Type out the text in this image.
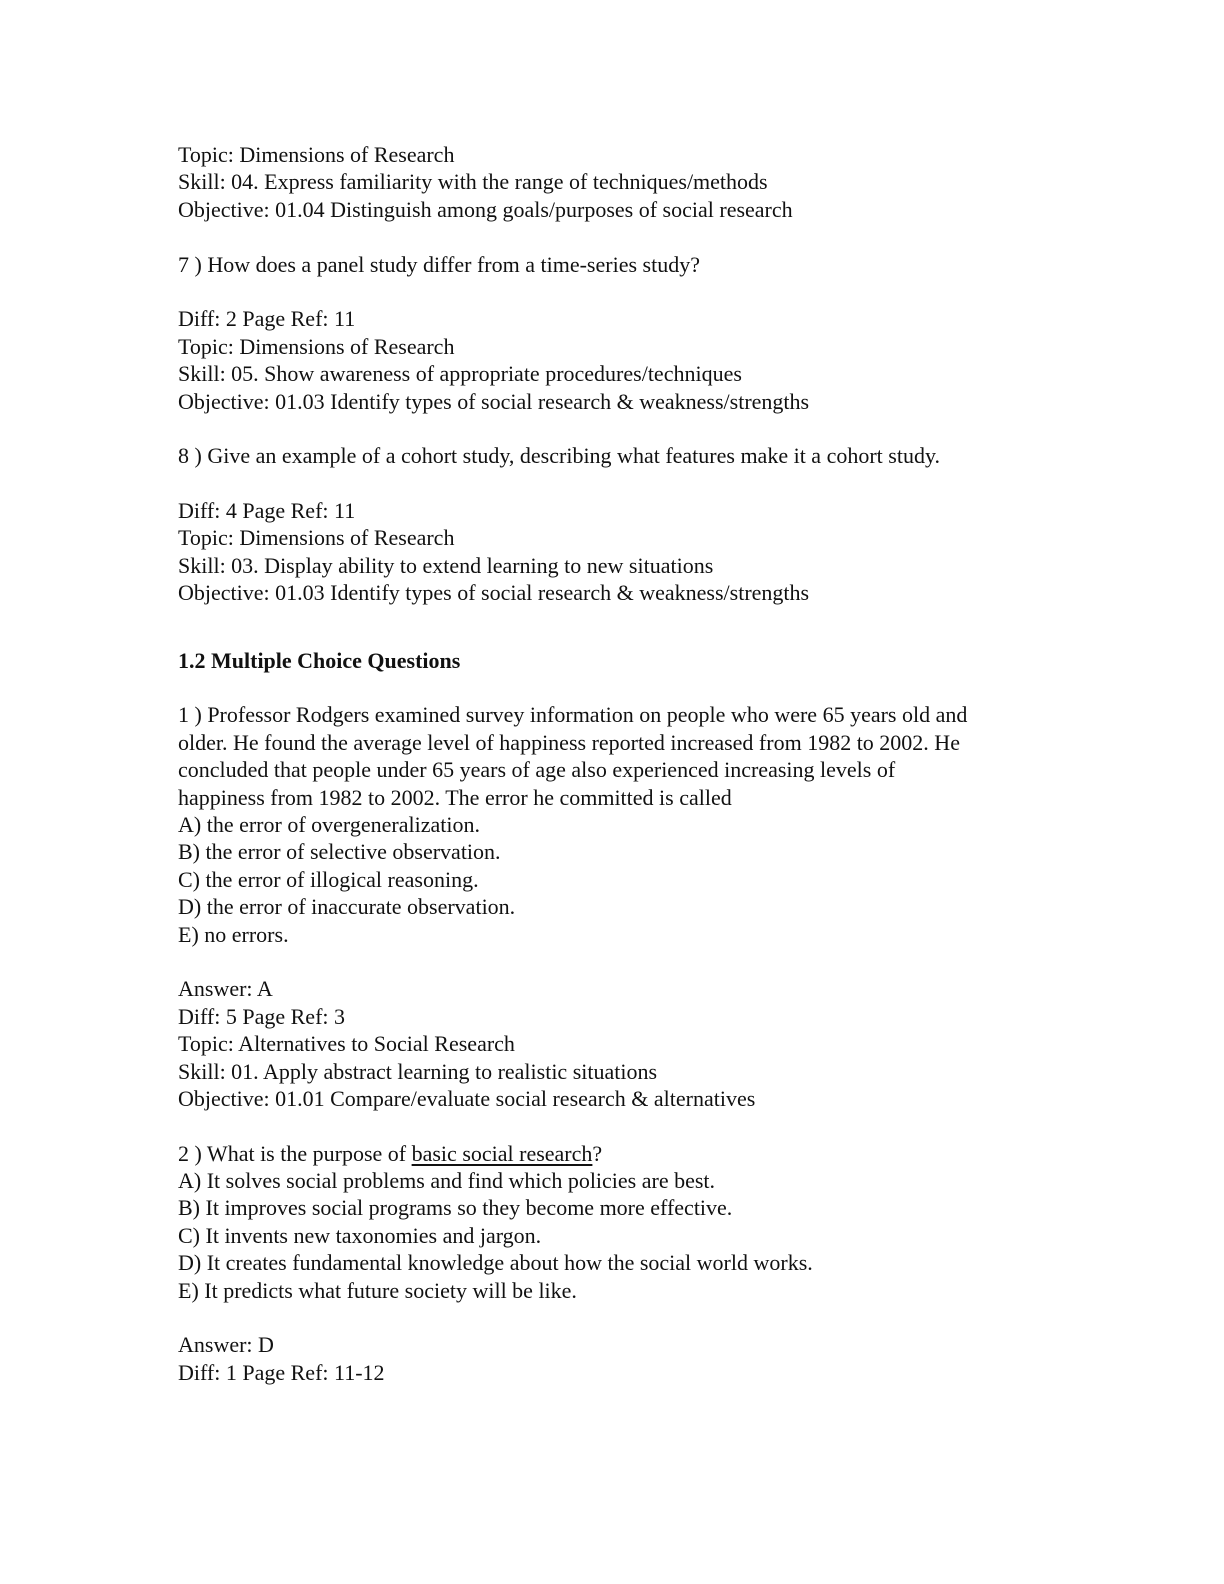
Topic: Dimensions of Research
Skill: 04. Express familiarity with the range of techniques/methods
Objective: 01.04 Distinguish among goals/purposes of social research
7 ) How does a panel study differ from a time-series study?
Diff: 2 Page Ref: 11
Topic: Dimensions of Research
Skill: 05. Show awareness of appropriate procedures/techniques
Objective: 01.03 Identify types of social research & weakness/strengths
8 ) Give an example of a cohort study, describing what features make it a cohort study.
Diff: 4 Page Ref: 11
Topic: Dimensions of Research
Skill: 03. Display ability to extend learning to new situations
Objective: 01.03 Identify types of social research & weakness/strengths
1.2 Multiple Choice Questions
1 ) Professor Rodgers examined survey information on people who were 65 years old and
older. He found the average level of happiness reported increased from 1982 to 2002. He
concluded that people under 65 years of age also experienced increasing levels of
happiness from 1982 to 2002. The error he committed is called
A) the error of overgeneralization.
B) the error of selective observation.
C) the error of illogical reasoning.
D) the error of inaccurate observation.
E) no errors.
Answer: A
Diff: 5 Page Ref: 3
Topic: Alternatives to Social Research
Skill: 01. Apply abstract learning to realistic situations
Objective: 01.01 Compare/evaluate social research & alternatives
2 ) What is the purpose of basic social research?
A) It solves social problems and find which policies are best.
B) It improves social programs so they become more effective.
C) It invents new taxonomies and jargon.
D) It creates fundamental knowledge about how the social world works.
E) It predicts what future society will be like.
Answer: D
Diff: 1 Page Ref: 11-12
